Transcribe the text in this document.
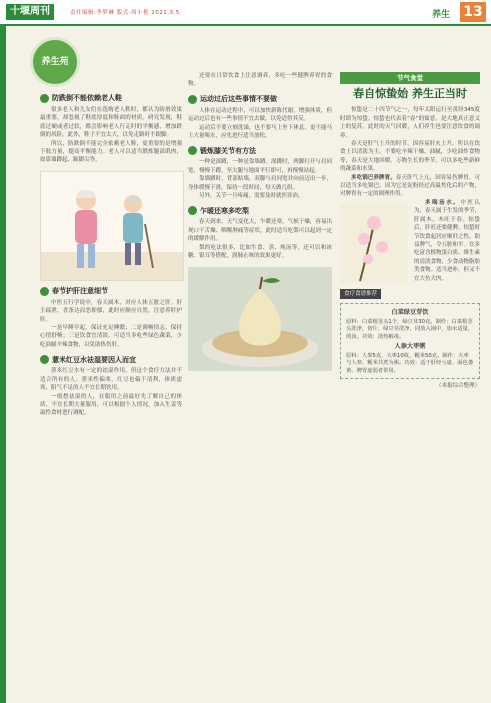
十堰周刊	责任编辑:李梦琳 版式:周小艳 2021.3.5	养生 13
养生苑
防跌倒不能依赖老人鞋

很多老人和儿女们在选购老人鞋时，都认为防滑效果最重要，却忽视了鞋底厚度和鞋面的材质。研究发现，鞋底过硬或者过软，都会影响老人行走时的平衡感，增加跌倒的风险。此外，鞋子不宜太大，以免走路时不跟脚。

所以，防跌倒不能完全依赖老人鞋，更重要的是增强下肢力量，提高平衡能力。老人可以适当锻炼腿部肌肉，如靠墙蹲起、踮脚尖等。

春节护肝注意细节

中医五行学说中，春天属木，对应人体五脏之肝。肝主疏泄，喜条达而恶抑郁，此时应顺应自然，注意养肝护肝。

一是早睡早起，保证充足睡眠；二是调畅情志，保持心情舒畅；三是饮食宜清淡，可适当多吃些绿色蔬菜，少吃油腻辛辣食物，以免助热伤肝。

薏米红豆水祛湿要因人而宜

薏米红豆水有一定的祛湿作用，但这个食疗方法并不适合所有的人。薏米性偏寒，红豆也偏于清利，体质虚寒、阳气不足的人不宜长期饮用。

一般想祛湿的人，在服用之前最好先了解自己的体质，不宜长期大量服用，可以根据个人情况，加入生姜等温性食材进行调配。

还要在日常饮食上注意调养，多吃一些健脾养胃的食物。

运动过后这些事情不要做

人体在运动过程中，可以加快新陈代谢，增强体质，但运动过后也有一些事情不宜去做，以免适得其反。

运动后不要立刻洗澡，也不要马上坐下休息，更不能马上大量喝水，应先进行适当放松。

锻炼膝关节有方法

一种是深蹲，一种是靠墙蹲。深蹲时，两脚打开与肩同宽，慢慢下蹲，至大腿与地面平行即可，再慢慢站起。

靠墙蹲时，背部贴墙，双脚与肩同宽并向前迈出一步，身体缓慢下滑，保持一段时间，每天做几组。

另外，关节一旦疼痛，需要及时就医诊治。

乍暖还寒多吃梨

春天到来，天气变化大，乍暖还寒，气候干燥，容易出现口干舌燥、咽喉肿痛等症状，此时适当吃梨可以起到一定的缓解作用。

梨的吃法很多，比如生食、蒸、炖汤等，还可以和冰糖、银耳等搭配，润肺止咳的效果更好。

节气食堂
春自惊蛰始 养生正当时

惊蛰是二十四节气之一，每年太阳运行至黄经345度时即为惊蛰。惊蛰也代表着“春”的寓意，是大地真正意义上的复苏。此时的天气回暖，人们养生也要注意饮食的调养。

春天是肝气上升的时节，因容易肝火上升，所以在饮食上以清淡为主。不要吃辛辣干燥、油腻，少吃油炸食物等，春天是大地回暖、万物生长的季节，可以多吃些新鲜的蔬菜和水果。

多吃锅巴养脾胃。春天肝气上亢，因容易伤脾胃，可以适当多吃锅巴。因为它是淀粉经过高温焦化后的产物，对脾胃有一定的调理作用。

多喝汤水。中医认为，春天属于生发的季节，肝属木，木旺于春。惊蛰后，肝旺还要健脾。惊蛰时节饮食起居应顺肝之性，助益脾气，令五脏和平。宜多吃富含植物蛋白质、维生素的清淡食物，少食动物脂肪类食物。适当进补，但又不宜大鱼大肉。

食疗食谱推荐
白菜绿豆芽饮
原料：白菜根茎头1个，绿豆芽30克。制作：白菜根茎头洗净，切片，绿豆芽洗净，同放入锅中，加水适量，煎汤。功效：清热解毒。
人参大枣粥
原料：人参5克，大枣10枚，粳米50克。制作：大枣与人参、粳米共煮为粥。功效：适于肝经亏虚、面色萎黄、脾胃虚弱者常用。
（本报综合整理）
